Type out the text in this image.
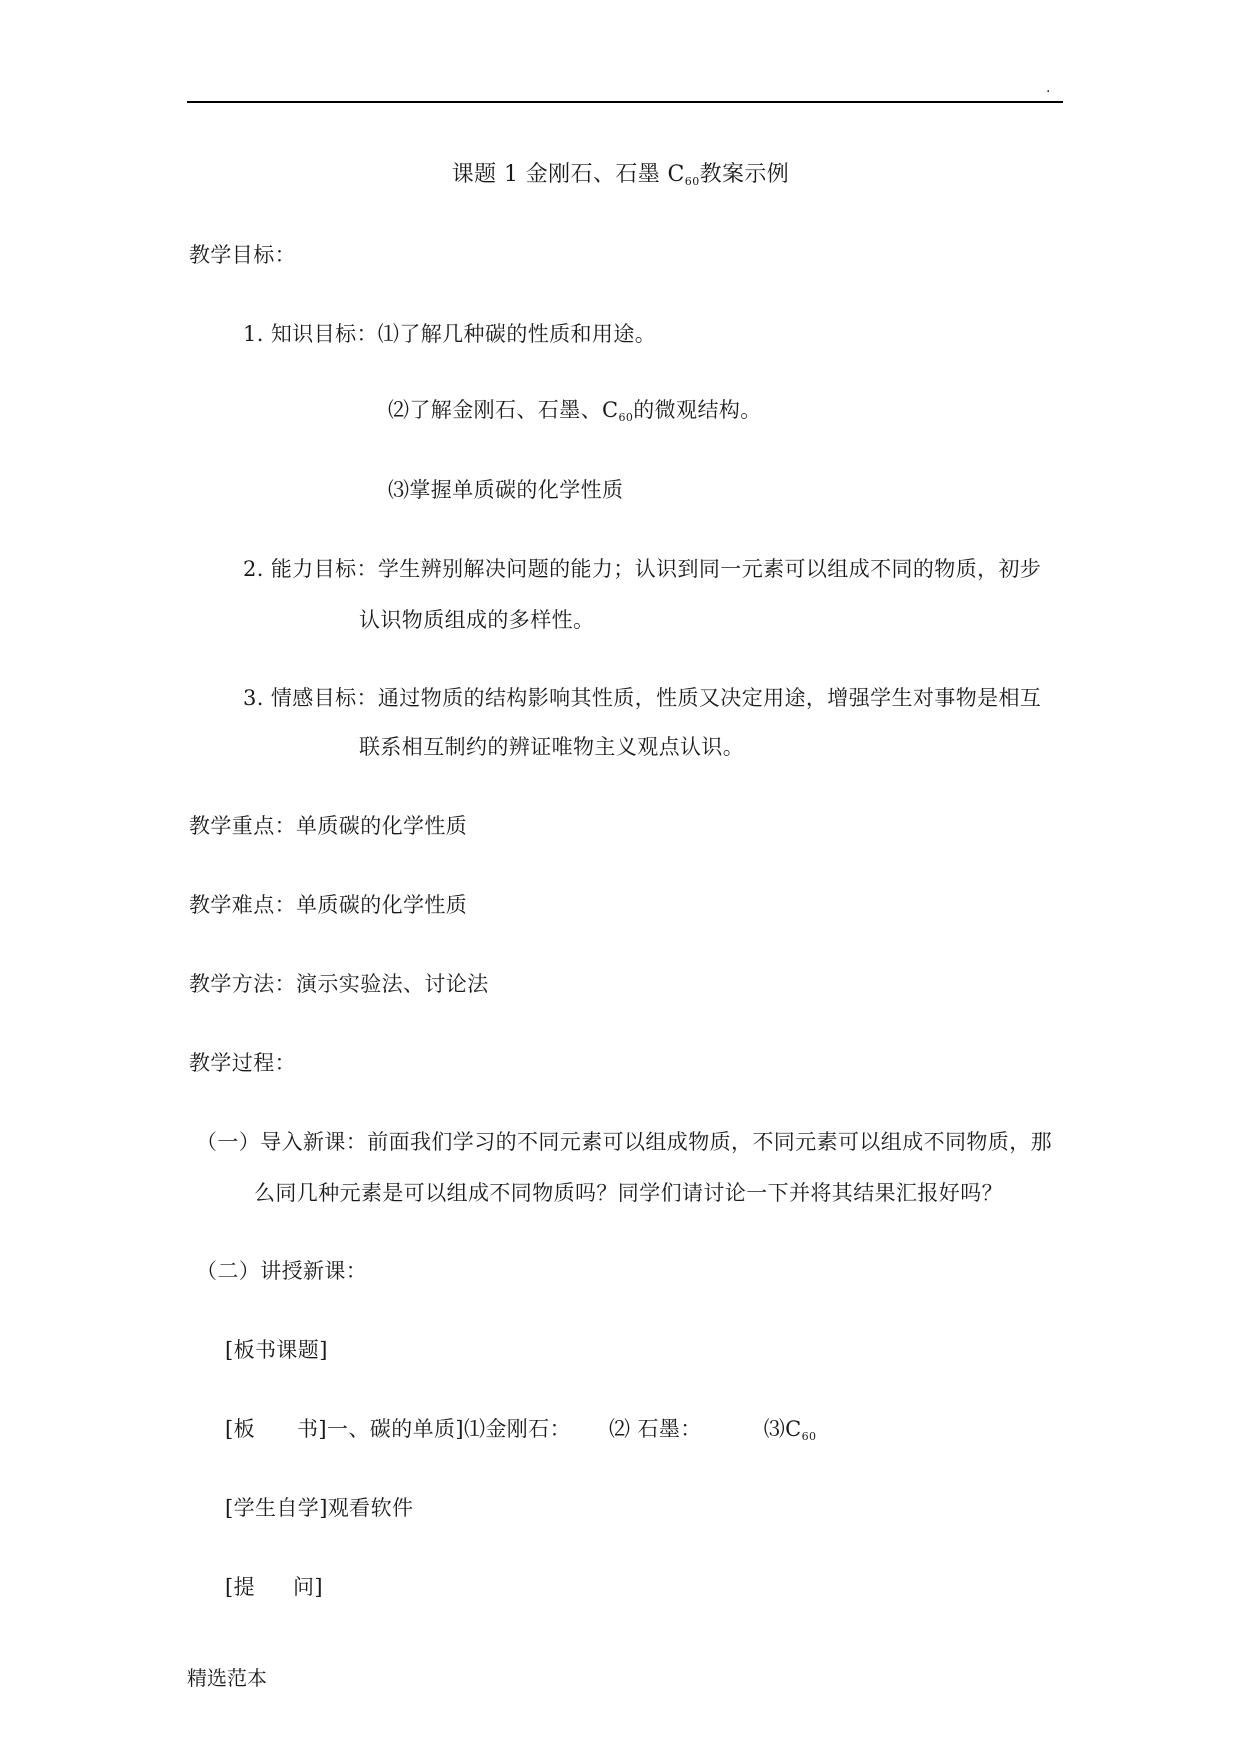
.
课题 1 金刚石、石墨 $C_{60}$教案示例
教学目标：
1. 知识目标：⑴了解几种碳的性质和用途。
⑵了解金刚石、石墨、$C_{60}$的微观结构。
⑶掌握单质碳的化学性质
2. 能力目标：学生辨别解决问题的能力；认识到同一元素可以组成不同的物质，初步
认识物质组成的多样性。
3. 情感目标：通过物质的结构影响其性质，性质又决定用途，增强学生对事物是相互
联系相互制约的辨证唯物主义观点认识。
教学重点：单质碳的化学性质
教学难点：单质碳的化学性质
教学方法：演示实验法、讨论法
教学过程：
（一）导入新课：前面我们学习的不同元素可以组成物质，不同元素可以组成不同物质，那
么同几种元素是可以组成不同物质吗？同学们请讨论一下并将其结果汇报好吗？
（二）讲授新课：
[板书课题]
[板 书]一、碳的单质]⑴金刚石： ⑵ 石墨：	$⑶C_{60}$
[学生自学]观看软件
[提 问]
精选范本
